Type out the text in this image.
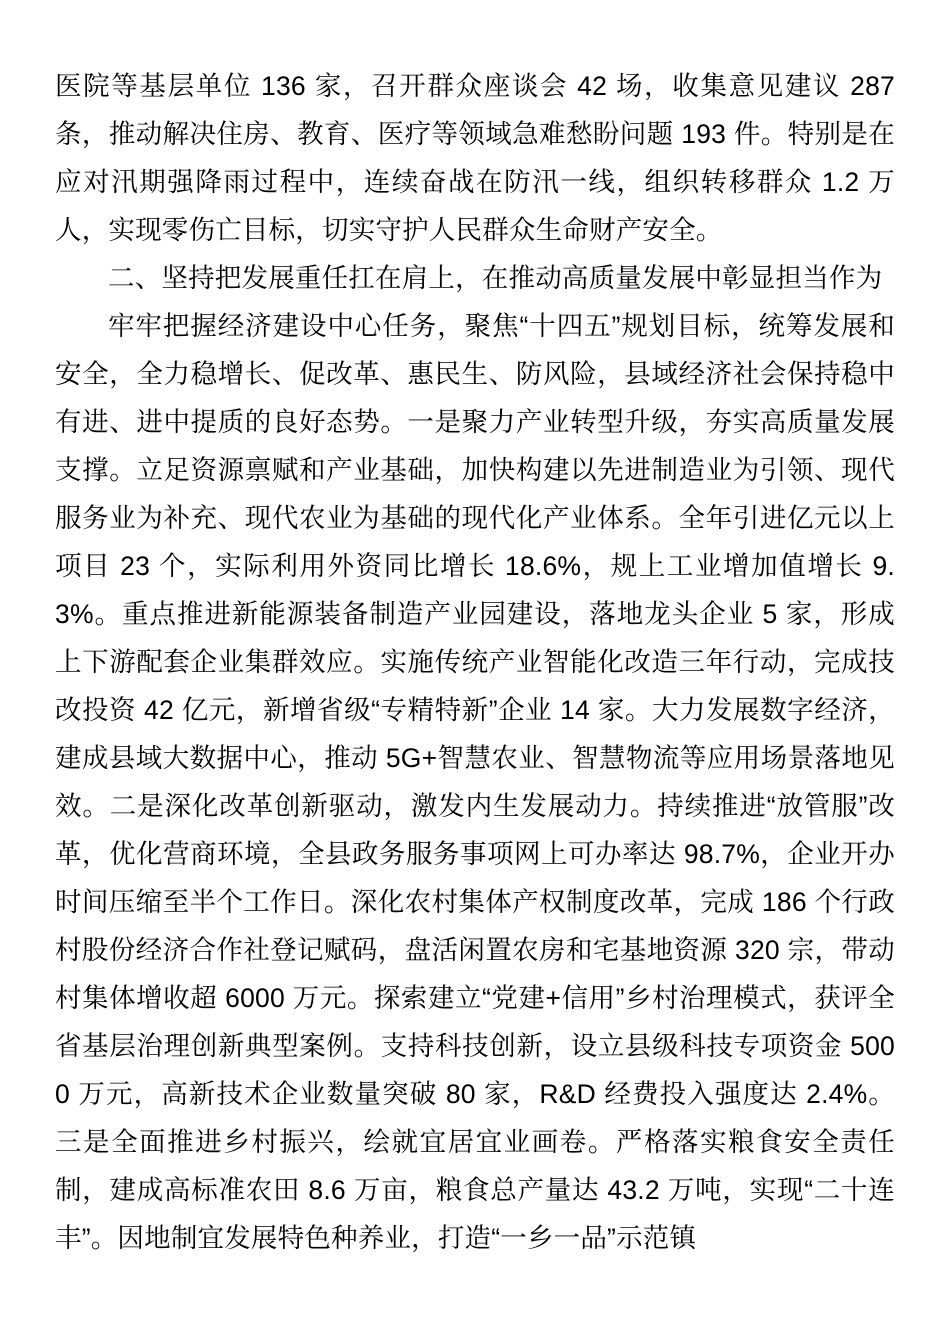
医院等基层单位 136 家，召开群众座谈会 42 场，收集意见建议 287 条，推动解决住房、教育、医疗等领域急难愁盼问题 193 件。特别是在应对汛期强降雨过程中，连续奋战在防汛一线，组织转移群众 1.2 万人，实现零伤亡目标，切实守护人民群众生命财产安全。

二、坚持把发展重任扛在肩上，在推动高质量发展中彰显担当作为

牢牢把握经济建设中心任务，聚焦“十四五”规划目标，统筹发展和安全，全力稳增长、促改革、惠民生、防风险，县域经济社会保持稳中有进、进中提质的良好态势。一是聚力产业转型升级，夯实高质量发展支撑。立足资源禀赋和产业基础，加快构建以先进制造业为引领、现代服务业为补充、现代农业为基础的现代化产业体系。全年引进亿元以上项目 23 个，实际利用外资同比增长 18.6%，规上工业增加值增长 9.3%。重点推进新能源装备制造产业园建设，落地龙头企业 5 家，形成上下游配套企业集群效应。实施传统产业智能化改造三年行动，完成技改投资 42 亿元，新增省级“专精特新”企业 14 家。大力发展数字经济，建成县域大数据中心，推动 5G+智慧农业、智慧物流等应用场景落地见效。二是深化改革创新驱动，激发内生发展动力。持续推进“放管服”改革，优化营商环境，全县政务服务事项网上可办率达 98.7%，企业开办时间压缩至半个工作日。深化农村集体产权制度改革，完成 186 个行政村股份经济合作社登记赋码，盘活闲置农房和宅基地资源 320 宗，带动村集体增收超 6000 万元。探索建立“党建+信用”乡村治理模式，获评全省基层治理创新典型案例。支持科技创新，设立县级科技专项资金 5000 万元，高新技术企业数量突破 80 家，R&D 经费投入强度达 2.4%。三是全面推进乡村振兴，绘就宜居宜业画卷。严格落实粮食安全责任制，建成高标准农田 8.6 万亩，粮食总产量达 43.2 万吨，实现“二十连丰”。因地制宜发展特色种养业，打造“一乡一品”示范镇
